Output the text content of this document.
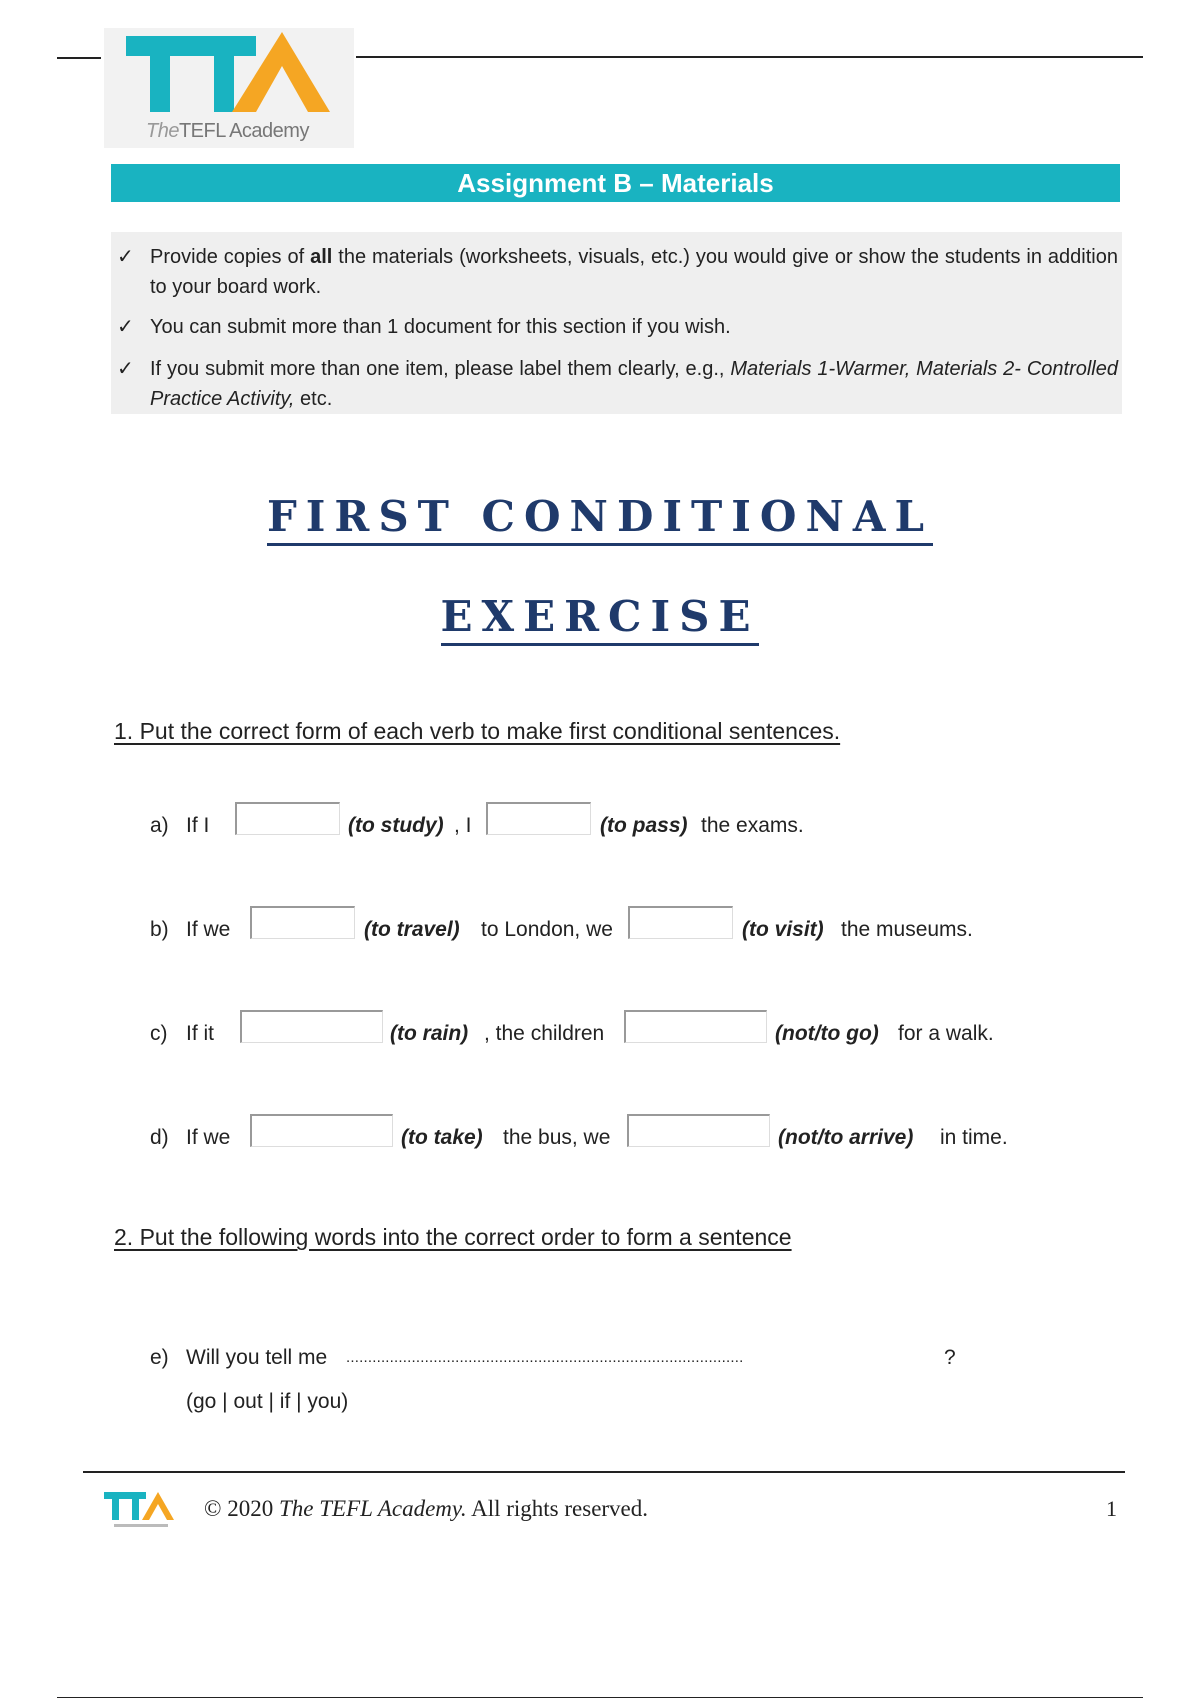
TheTEFL Academy
Assignment B – Materials
✓ Provide copies of all the materials (worksheets, visuals, etc.) you would give or show the students in addition to your board work.
✓ You can submit more than 1 document for this section if you wish.
✓ If you submit more than one item, please label them clearly, e.g., Materials 1-Warmer, Materials 2- Controlled Practice Activity, etc.
FIRST CONDITIONAL
EXERCISE
1. Put the correct form of each verb to make first conditional sentences.
a) If I	(to study) , I	(to pass) the exams.
b) If we	(to travel) to London, we	(to visit) the museums.
c) If it	(to rain) , the children	(not/to go) for a walk.
d) If we	(to take) the bus, we	(not/to arrive) in time.
2. Put the following words into the correct order to form a sentence
e) Will you tell me ...........................................................................................	?
(go | out | if | you)
© 2020 The TEFL Academy. All rights reserved.	1
